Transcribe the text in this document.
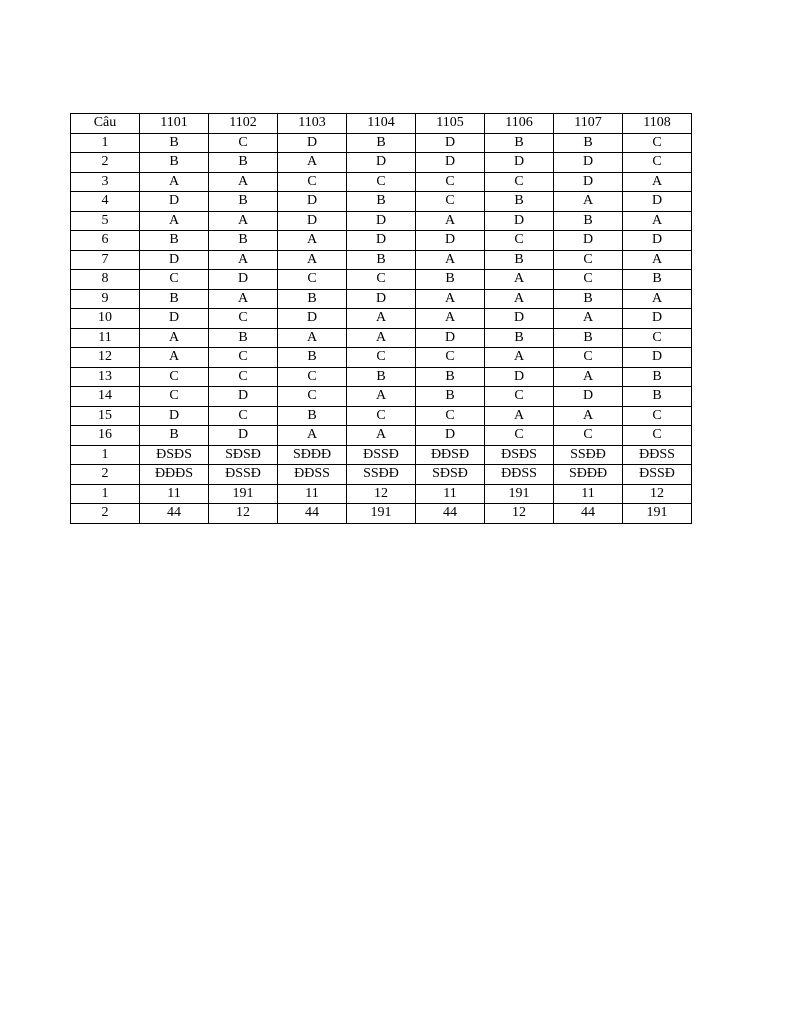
Câu	1101	1102	1103	1104	1105	1106	1107	1108
1	B	C	D	B	D	B	B	C
2	B	B	A	D	D	D	D	C
3	A	A	C	C	C	C	D	A
4	D	B	D	B	C	B	A	D
5	A	A	D	D	A	D	B	A
6	B	B	A	D	D	C	D	D
7	D	A	A	B	A	B	C	A
8	C	D	C	C	B	A	C	B
9	B	A	B	D	A	A	B	A
10	D	C	D	A	A	D	A	D
11	A	B	A	A	D	B	B	C
12	A	C	B	C	C	A	C	D
13	C	C	C	B	B	D	A	B
14	C	D	C	A	B	C	D	B
15	D	C	B	C	C	A	A	C
16	B	D	A	A	D	C	C	C
1	ĐSĐS	SĐSĐ	SĐĐĐ	ĐSSĐ	ĐĐSĐ	ĐSĐS	SSĐĐ	ĐĐSS
2	ĐĐĐS	ĐSSĐ	ĐĐSS	SSĐĐ	SĐSĐ	ĐĐSS	SĐĐĐ	ĐSSĐ
1	11	191	11	12	11	191	11	12
2	44	12	44	191	44	12	44	191
